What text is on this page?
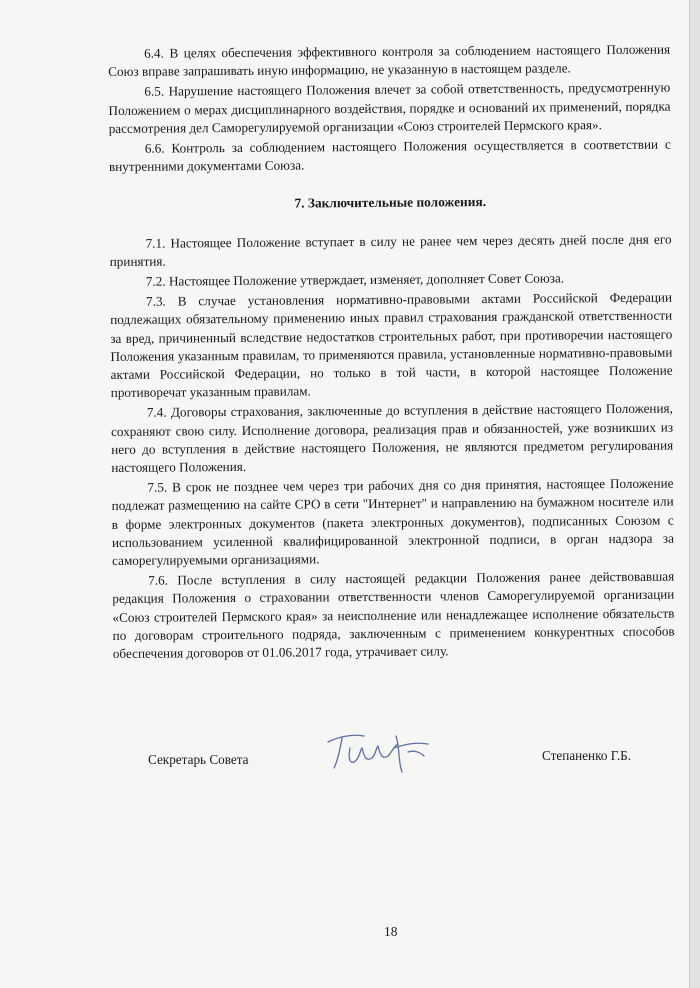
6.4. В целях обеспечения эффективного контроля за соблюдением настоящего Положения Союз вправе запрашивать иную информацию, не указанную в настоящем разделе.

6.5. Нарушение настоящего Положения влечет за собой ответственность, предусмотренную Положением о мерах дисциплинарного воздействия, порядке и оснований их применений, порядка рассмотрения дел Саморегулируемой организации «Союз строителей Пермского края».

6.6. Контроль за соблюдением настоящего Положения осуществляется в соответствии с внутренними документами Союза.

7. Заключительные положения.

7.1. Настоящее Положение вступает в силу не ранее чем через десять дней после дня его принятия.

7.2. Настоящее Положение утверждает, изменяет, дополняет Совет Союза.

7.3. В случае установления нормативно-правовыми актами Российской Федерации подлежащих обязательному применению иных правил страхования гражданской ответственности за вред, причиненный вследствие недостатков строительных работ, при противоречии настоящего Положения указанным правилам, то применяются правила, установленные нормативно-правовыми актами Российской Федерации, но только в той части, в которой настоящее Положение противоречат указанным правилам.

7.4. Договоры страхования, заключенные до вступления в действие настоящего Положения, сохраняют свою силу. Исполнение договора, реализация прав и обязанностей, уже возникших из него до вступления в действие настоящего Положения, не являются предметом регулирования настоящего Положения.

7.5. В срок не позднее чем через три рабочих дня со дня принятия, настоящее Положение подлежат размещению на сайте СРО в сети "Интернет" и направлению на бумажном носителе или в форме электронных документов (пакета электронных документов), подписанных Союзом с использованием усиленной квалифицированной электронной подписи, в орган надзора за саморегулируемыми организациями.

7.6. После вступления в силу настоящей редакции Положения ранее действовавшая редакция Положения о страховании ответственности членов Саморегулируемой организации «Союз строителей Пермского края» за неисполнение или ненадлежащее исполнение обязательств по договорам строительного подряда, заключенным с применением конкурентных способов обеспечения договоров от 01.06.2017 года, утрачивает силу.

Секретарь Совета	Степаненко Г.Б.
18
